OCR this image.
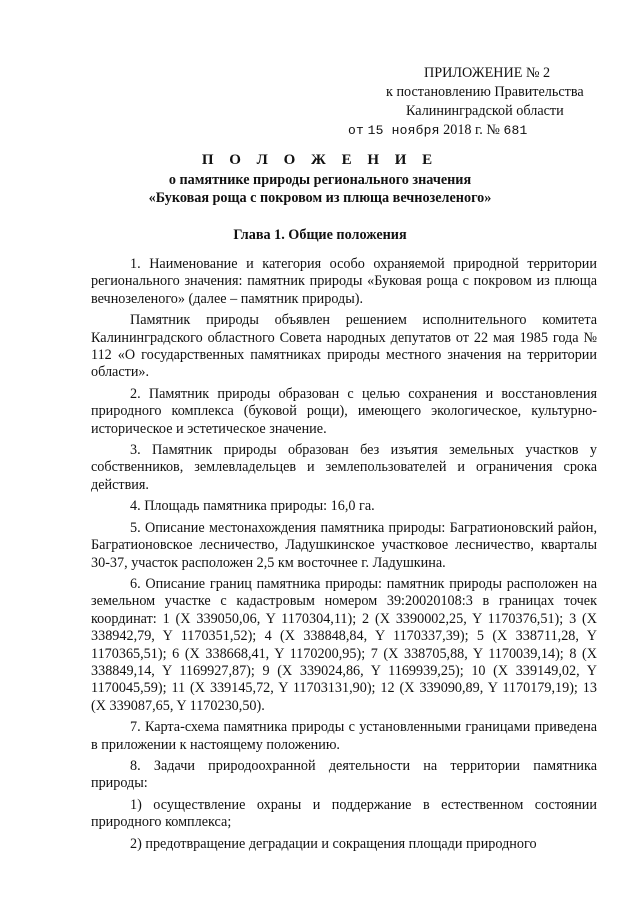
ПРИЛОЖЕНИЕ № 2
к постановлению Правительства
Калининградской области
от 15 ноября 2018 г. № 681
П О Л О Ж Е Н И Е
о памятнике природы регионального значения
«Буковая роща с покровом из плюща вечнозеленого»
Глава 1. Общие положения

1. Наименование и категория особо охраняемой природной территории регионального значения: памятник природы «Буковая роща с покровом из плюща вечнозеленого» (далее – памятник природы).

Памятник природы объявлен решением исполнительного комитета Калининградского областного Совета народных депутатов от 22 мая 1985 года № 112 «О государственных памятниках природы местного значения на территории области».

2. Памятник природы образован с целью сохранения и восстановления природного комплекса (буковой рощи), имеющего экологическое, культурно-историческое и эстетическое значение.

3. Памятник природы образован без изъятия земельных участков у собственников, землевладельцев и землепользователей и ограничения срока действия.

4. Площадь памятника природы: 16,0 га.

5. Описание местонахождения памятника природы: Багратионовский район, Багратионовское лесничество, Ладушкинское участковое лесничество, кварталы 30-37, участок расположен 2,5 км восточнее г. Ладушкина.

6. Описание границ памятника природы: памятник природы расположен на земельном участке с кадастровым номером 39:20020108:3 в границах точек координат: 1 (X 339050,06, Y 1170304,11); 2 (X 3390002,25, Y 1170376,51); 3 (X 338942,79, Y 1170351,52); 4 (X 338848,84, Y 1170337,39); 5 (X 338711,28, Y 1170365,51); 6 (X 338668,41, Y 1170200,95); 7 (X 338705,88, Y 1170039,14); 8 (X 338849,14, Y 1169927,87); 9 (X 339024,86, Y 1169939,25); 10 (X 339149,02, Y 1170045,59); 11 (X 339145,72, Y 11703131,90); 12 (X 339090,89, Y 1170179,19); 13 (X 339087,65, Y 1170230,50).

7. Карта-схема памятника природы с установленными границами приведена в приложении к настоящему положению.

8. Задачи природоохранной деятельности на территории памятника природы:

1) осуществление охраны и поддержание в естественном состоянии природного комплекса;

2) предотвращение деградации и сокращения площади природного
